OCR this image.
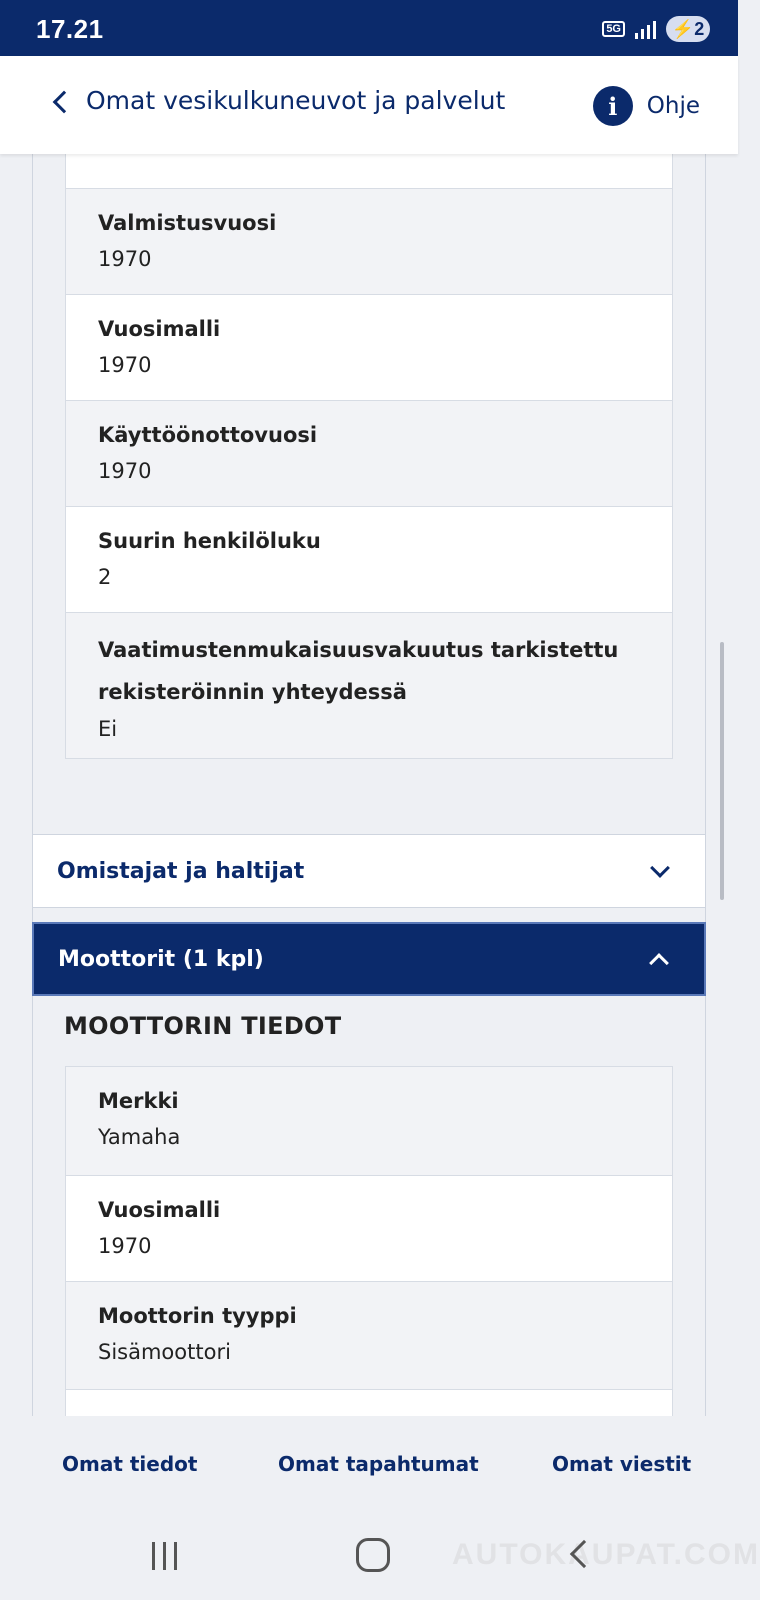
17.21	5G	⚡ 2
Omat vesikulkuneuvot ja palvelut	i	Ohje
Valmistusvuosi
1970
Vuosimalli
1970
Käyttöönottovuosi
1970
Suurin henkilöluku
2
Vaatimustenmukaisuusvakuutus tarkistettu rekisteröinnin yhteydessä
Ei
Omistajat ja haltijat
Moottorit (1 kpl)
Merkki
Yamaha
Vuosimalli
1970
Moottorin tyyppi
Sisämoottori
MOOTTORIN TIEDOT
Omat tiedot	Omat tapahtumat	Omat viestit
AUTOKAUPAT.COM
